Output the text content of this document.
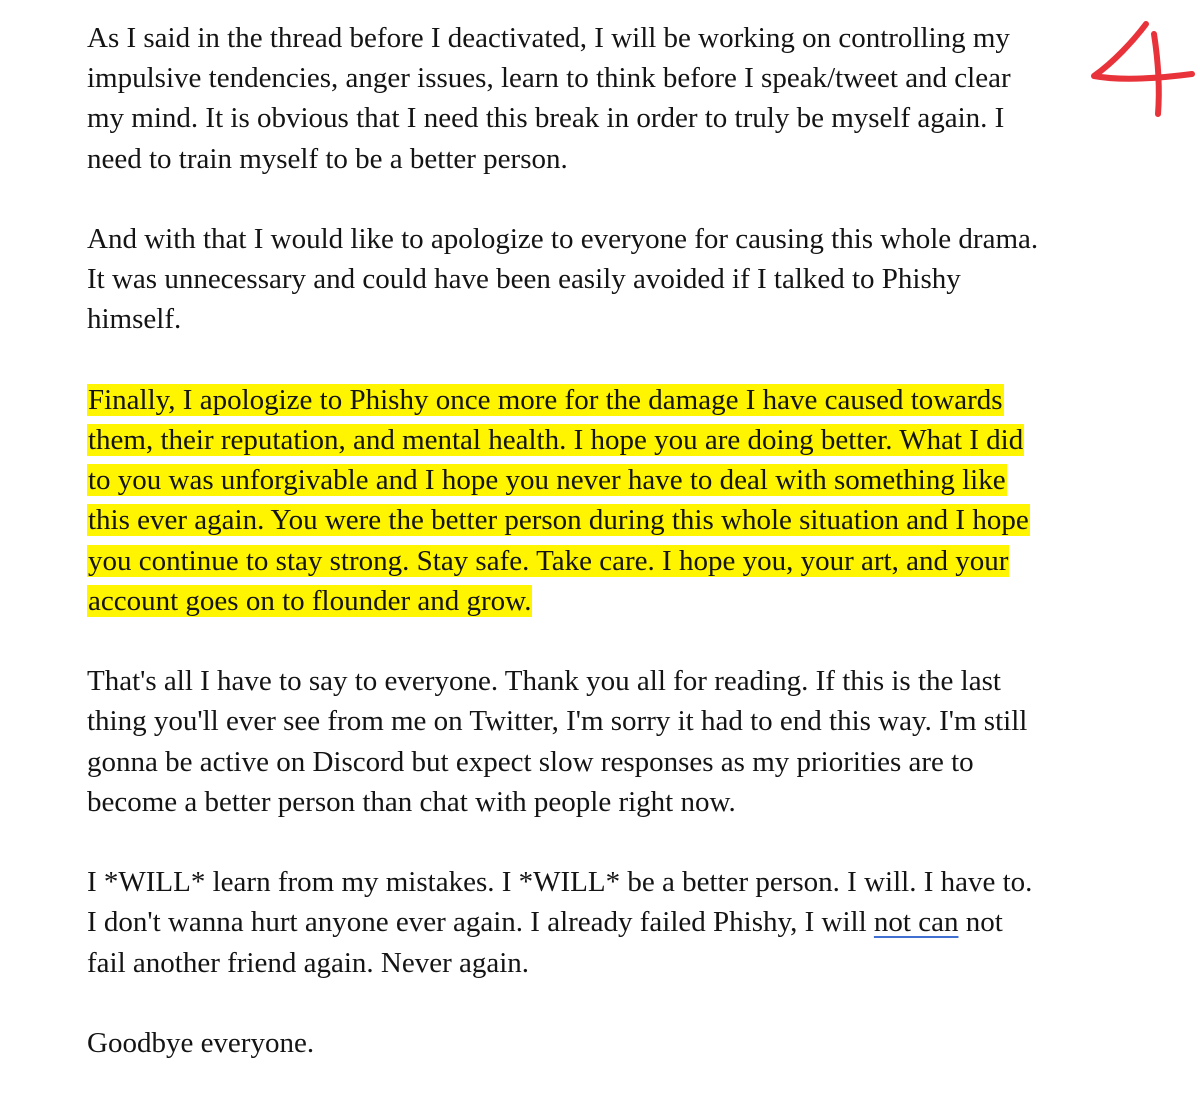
As I said in the thread before I deactivated, I will be working on controlling my
impulsive tendencies, anger issues, learn to think before I speak/tweet and clear
my mind. It is obvious that I need this break in order to truly be myself again. I
need to train myself to be a better person.

And with that I would like to apologize to everyone for causing this whole drama.
It was unnecessary and could have been easily avoided if I talked to Phishy
himself.

Finally, I apologize to Phishy once more for the damage I have caused towards
them, their reputation, and mental health. I hope you are doing better. What I did
to you was unforgivable and I hope you never have to deal with something like
this ever again. You were the better person during this whole situation and I hope
you continue to stay strong. Stay safe. Take care. I hope you, your art, and your
account goes on to flounder and grow.

That's all I have to say to everyone. Thank you all for reading. If this is the last
thing you'll ever see from me on Twitter, I'm sorry it had to end this way. I'm still
gonna be active on Discord but expect slow responses as my priorities are to
become a better person than chat with people right now.

I *WILL* learn from my mistakes. I *WILL* be a better person. I will. I have to.
I don't wanna hurt anyone ever again. I already failed Phishy, I will not can not
fail another friend again. Never again.

Goodbye everyone.
